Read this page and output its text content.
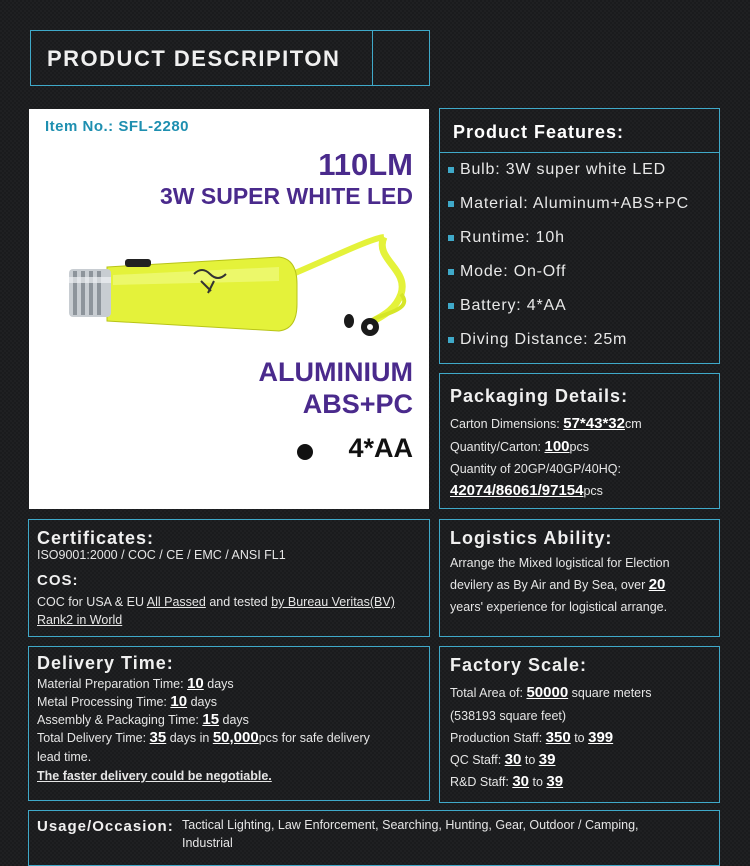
PRODUCT DESCRIPITON
Item No.: SFL-2280
110LM
3W SUPER WHITE LED
ALUMINIUM
ABS+PC
4*AA
Product Features:
Bulb: 3W super white LED
Material: Aluminum+ABS+PC
Runtime: 10h
Mode: On-Off
Battery: 4*AA
Diving Distance: 25m
Packaging Details:
Carton Dimensions: 57*43*32cm
Quantity/Carton: 100pcs
Quantity of 20GP/40GP/40HQ:
42074/86061/97154pcs
Certificates:
ISO9001:2000 / COC / CE / EMC / ANSI FL1
COS:
COC for USA & EU All Passed and tested by Bureau Veritas(BV)
Rank2 in World
Logistics Ability:
Arrange the Mixed logistical for Election
devilery as By Air and By Sea, over 20
years' experience for logistical arrange.
Delivery Time:
Material Preparation Time: 10 days
Metal Processing Time: 10 days
Assembly & Packaging Time: 15 days
Total Delivery Time: 35 days in 50,000pcs for safe delivery
lead time.
The faster delivery could be negotiable.
Factory Scale:
Total Area of: 50000 square meters
(538193 square feet)
Production Staff: 350 to 399
QC Staff: 30 to 39
R&D Staff: 30 to 39
Usage/Occasion: Tactical Lighting, Law Enforcement, Searching, Hunting, Gear, Outdoor / Camping,
Industrial
